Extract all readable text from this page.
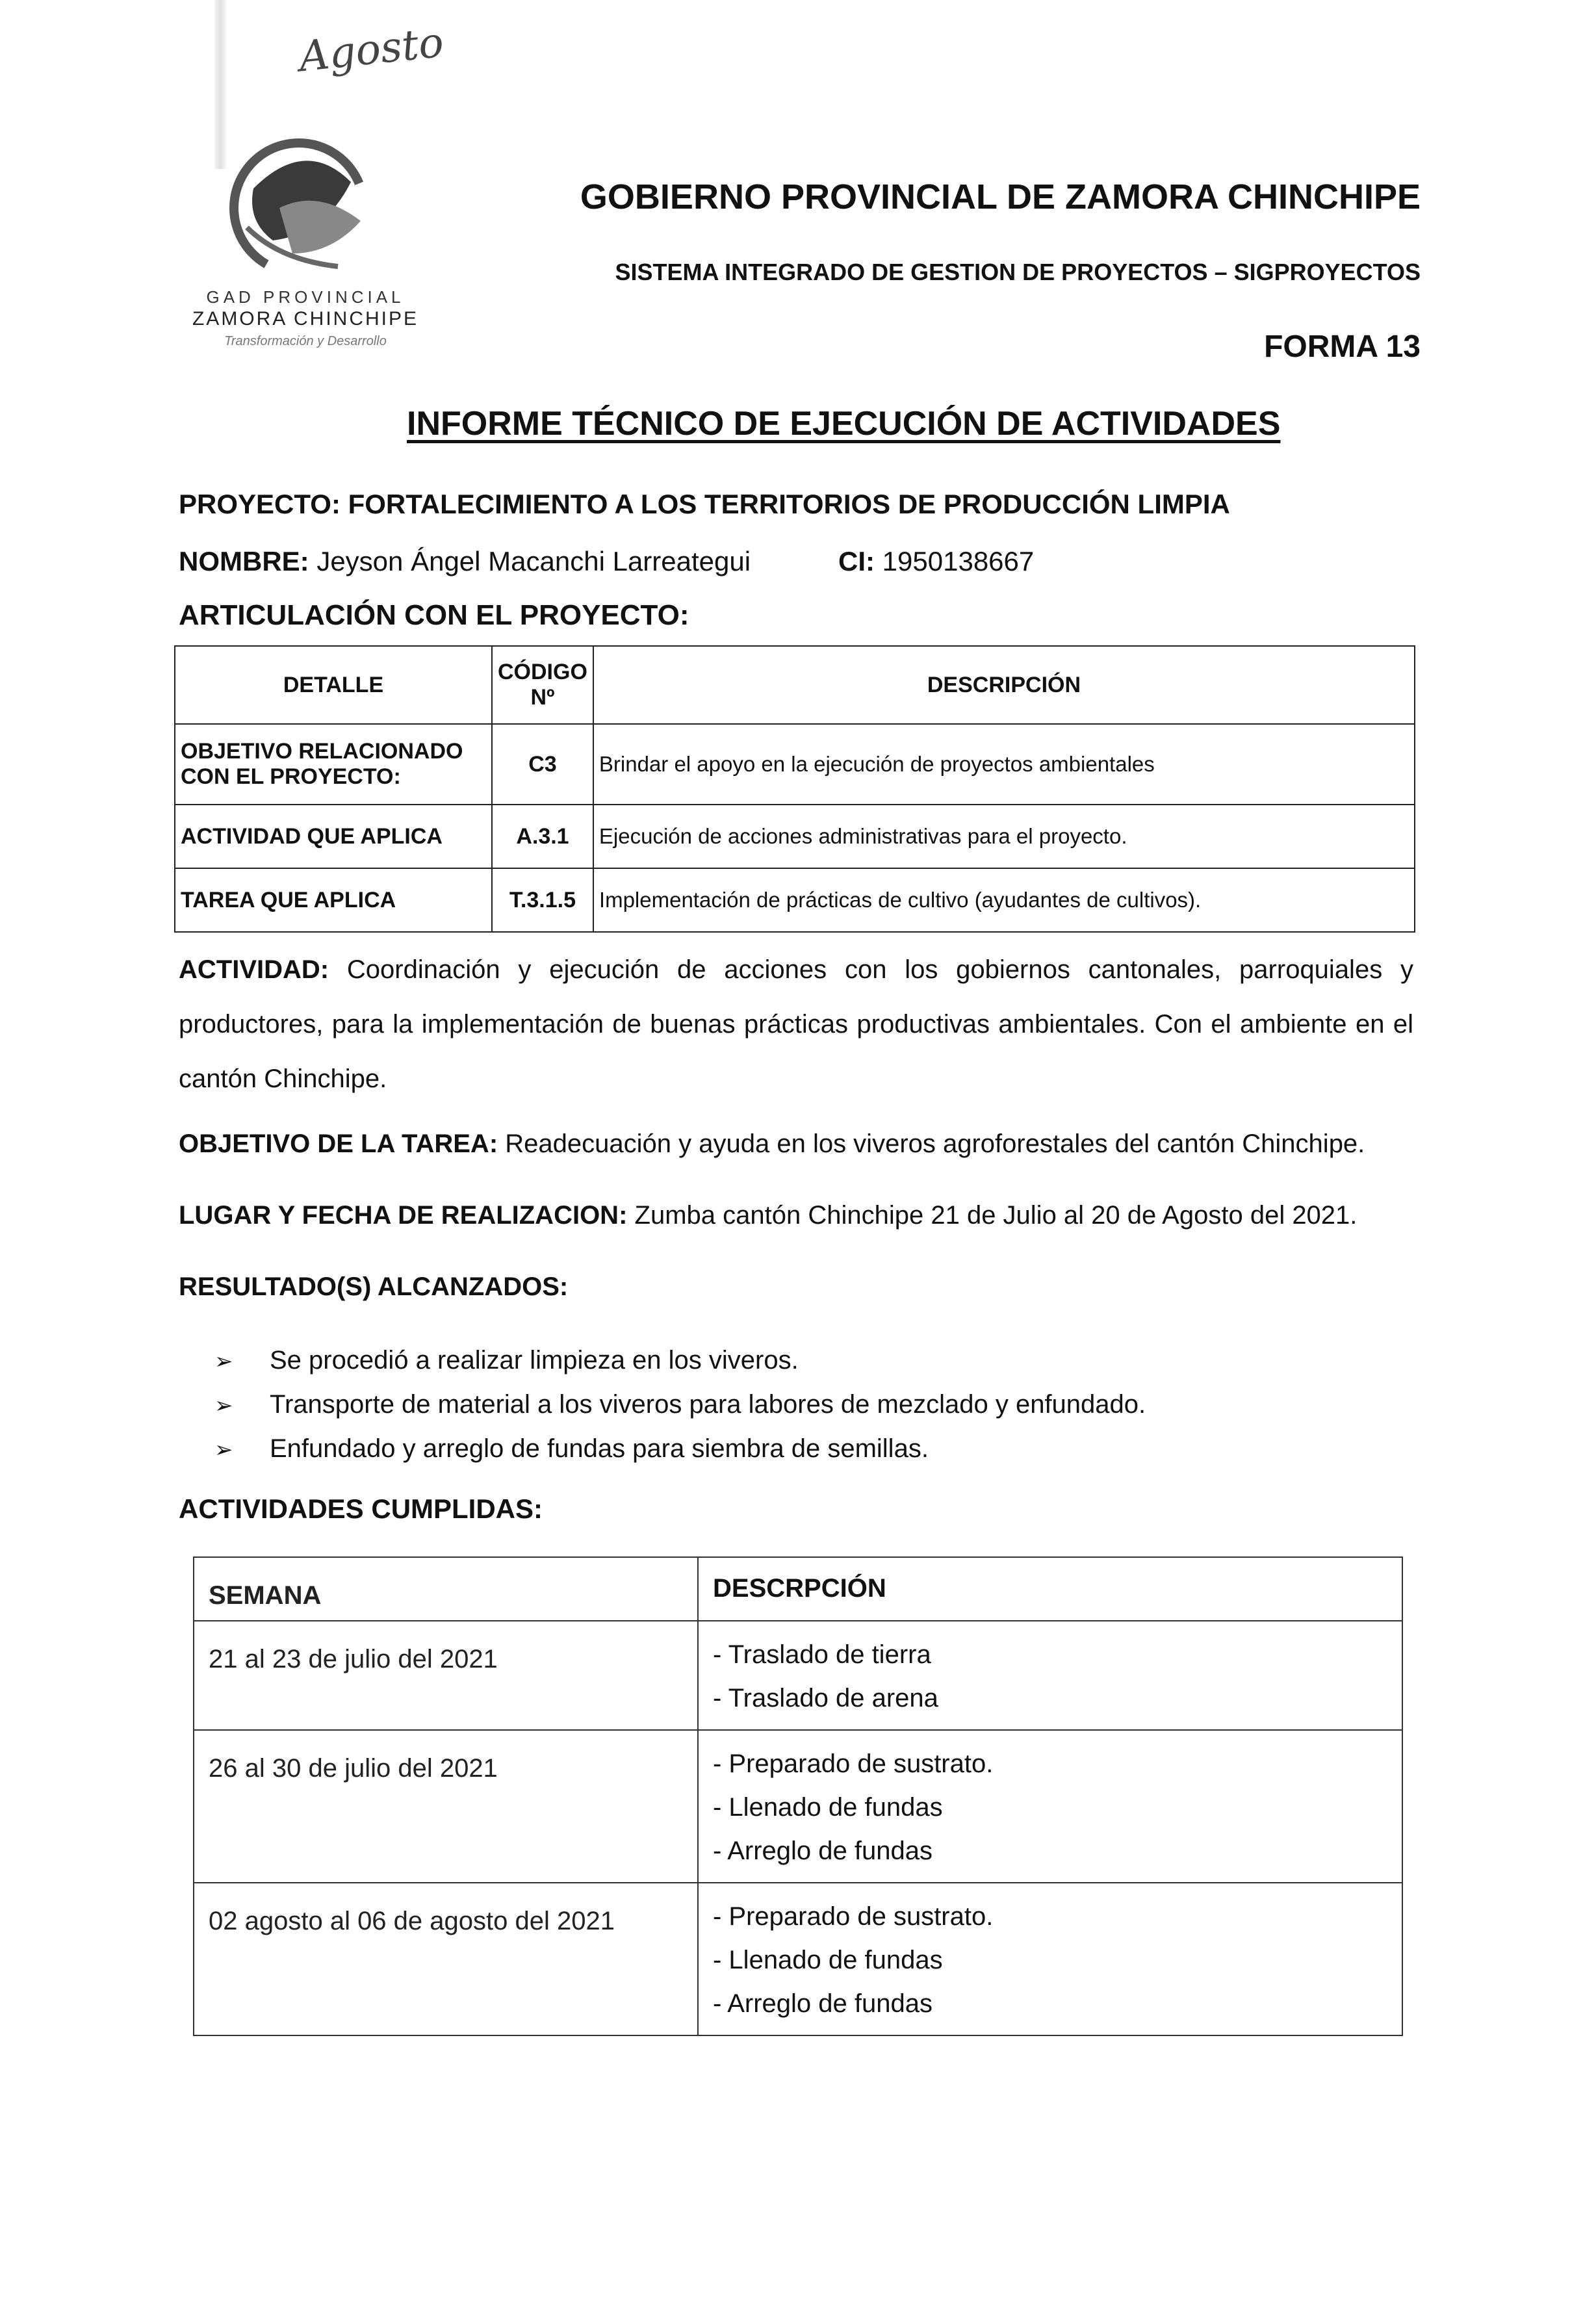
Agosto
GAD PROVINCIAL
ZAMORA CHINCHIPE
Transformación y Desarrollo
GOBIERNO PROVINCIAL DE ZAMORA CHINCHIPE
SISTEMA INTEGRADO DE GESTION DE PROYECTOS – SIGPROYECTOS
FORMA 13
INFORME TÉCNICO DE EJECUCIÓN DE ACTIVIDADES
PROYECTO: FORTALECIMIENTO A LOS TERRITORIOS DE PRODUCCIÓN LIMPIA
NOMBRE: Jeyson Ángel Macanchi Larreategui	CI: 1950138667
ARTICULACIÓN CON EL PROYECTO:
DETALLE	CÓDIGO Nº	DESCRIPCIÓN
OBJETIVO RELACIONADO CON EL PROYECTO:	C3	Brindar el apoyo en la ejecución de proyectos ambientales
ACTIVIDAD QUE APLICA	A.3.1	Ejecución de acciones administrativas para el proyecto.
TAREA QUE APLICA	T.3.1.5	Implementación de prácticas de cultivo (ayudantes de cultivos).
ACTIVIDAD: Coordinación y ejecución de acciones con los gobiernos cantonales, parroquiales y productores, para la implementación de buenas prácticas productivas ambientales. Con el ambiente en el cantón Chinchipe.
OBJETIVO DE LA TAREA: Readecuación y ayuda en los viveros agroforestales del cantón Chinchipe.
LUGAR Y FECHA DE REALIZACION: Zumba cantón Chinchipe 21 de Julio al 20 de Agosto del 2021.
RESULTADO(S) ALCANZADOS:
➢ Se procedió a realizar limpieza en los viveros.
➢ Transporte de material a los viveros para labores de mezclado y enfundado.
➢ Enfundado y arreglo de fundas para siembra de semillas.
ACTIVIDADES CUMPLIDAS:
SEMANA	DESCRPCIÓN
21 al 23 de julio del 2021	- Traslado de tierra
- Traslado de arena

26 al 30 de julio del 2021	- Preparado de sustrato.
- Llenado de fundas
- Arreglo de fundas

02 agosto al 06 de agosto del 2021	- Preparado de sustrato.
- Llenado de fundas
- Arreglo de fundas
